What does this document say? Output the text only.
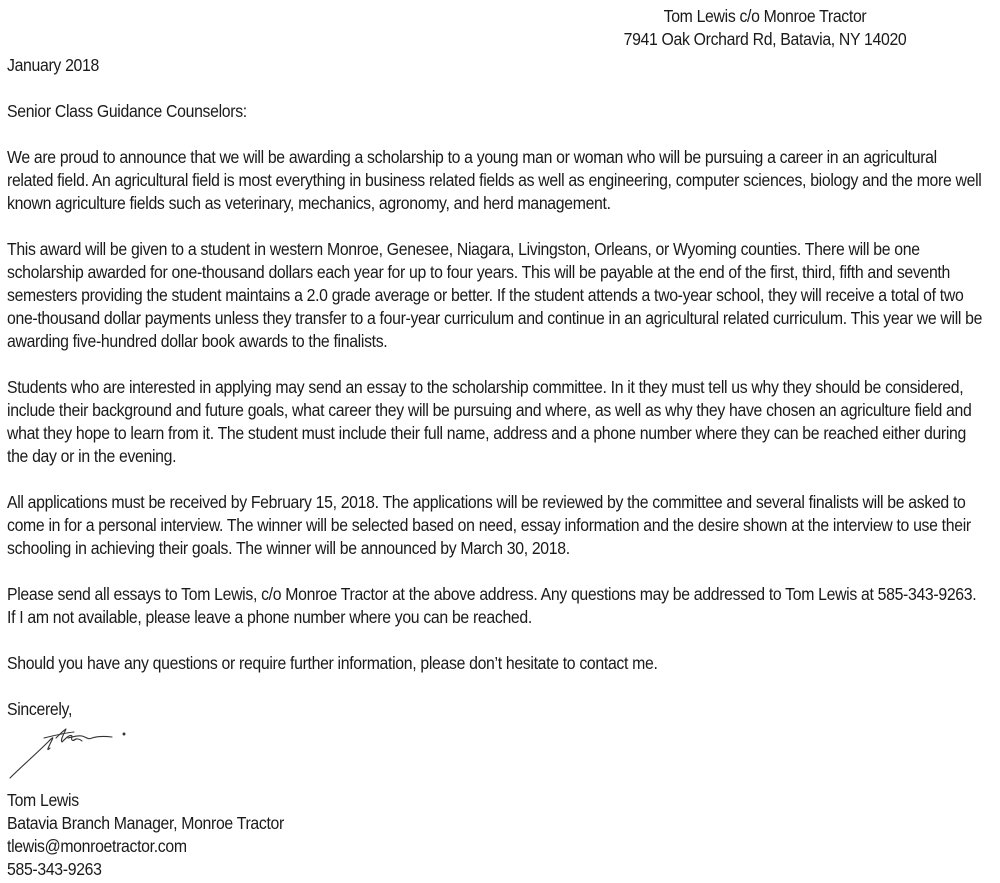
Tom Lewis c/o Monroe Tractor
7941 Oak Orchard Rd, Batavia, NY 14020
January 2018
Senior Class Guidance Counselors:

We are proud to announce that we will be awarding a scholarship to a young man or woman who will be pursuing a career in an agricultural related field. An agricultural field is most everything in business related fields as well as engineering, computer sciences, biology and the more well known agriculture fields such as veterinary, mechanics, agronomy, and herd management.

This award will be given to a student in western Monroe, Genesee, Niagara, Livingston, Orleans, or Wyoming counties. There will be one scholarship awarded for one-thousand dollars each year for up to four years. This will be payable at the end of the first, third, fifth and seventh semesters providing the student maintains a 2.0 grade average or better. If the student attends a two-year school, they will receive a total of two one-thousand dollar payments unless they transfer to a four-year curriculum and continue in an agricultural related curriculum. This year we will be awarding five-hundred dollar book awards to the finalists.

Students who are interested in applying may send an essay to the scholarship committee. In it they must tell us why they should be considered, include their background and future goals, what career they will be pursuing and where, as well as why they have chosen an agriculture field and what they hope to learn from it. The student must include their full name, address and a phone number where they can be reached either during the day or in the evening.

All applications must be received by February 15, 2018. The applications will be reviewed by the committee and several finalists will be asked to come in for a personal interview. The winner will be selected based on need, essay information and the desire shown at the interview to use their schooling in achieving their goals. The winner will be announced by March 30, 2018.

Please send all essays to Tom Lewis, c/o Monroe Tractor at the above address. Any questions may be addressed to Tom Lewis at 585-343-9263. If I am not available, please leave a phone number where you can be reached.

Should you have any questions or require further information, please don’t hesitate to contact me.

Sincerely,
Tom Lewis
Batavia Branch Manager, Monroe Tractor
tlewis@monroetractor.com
585-343-9263
